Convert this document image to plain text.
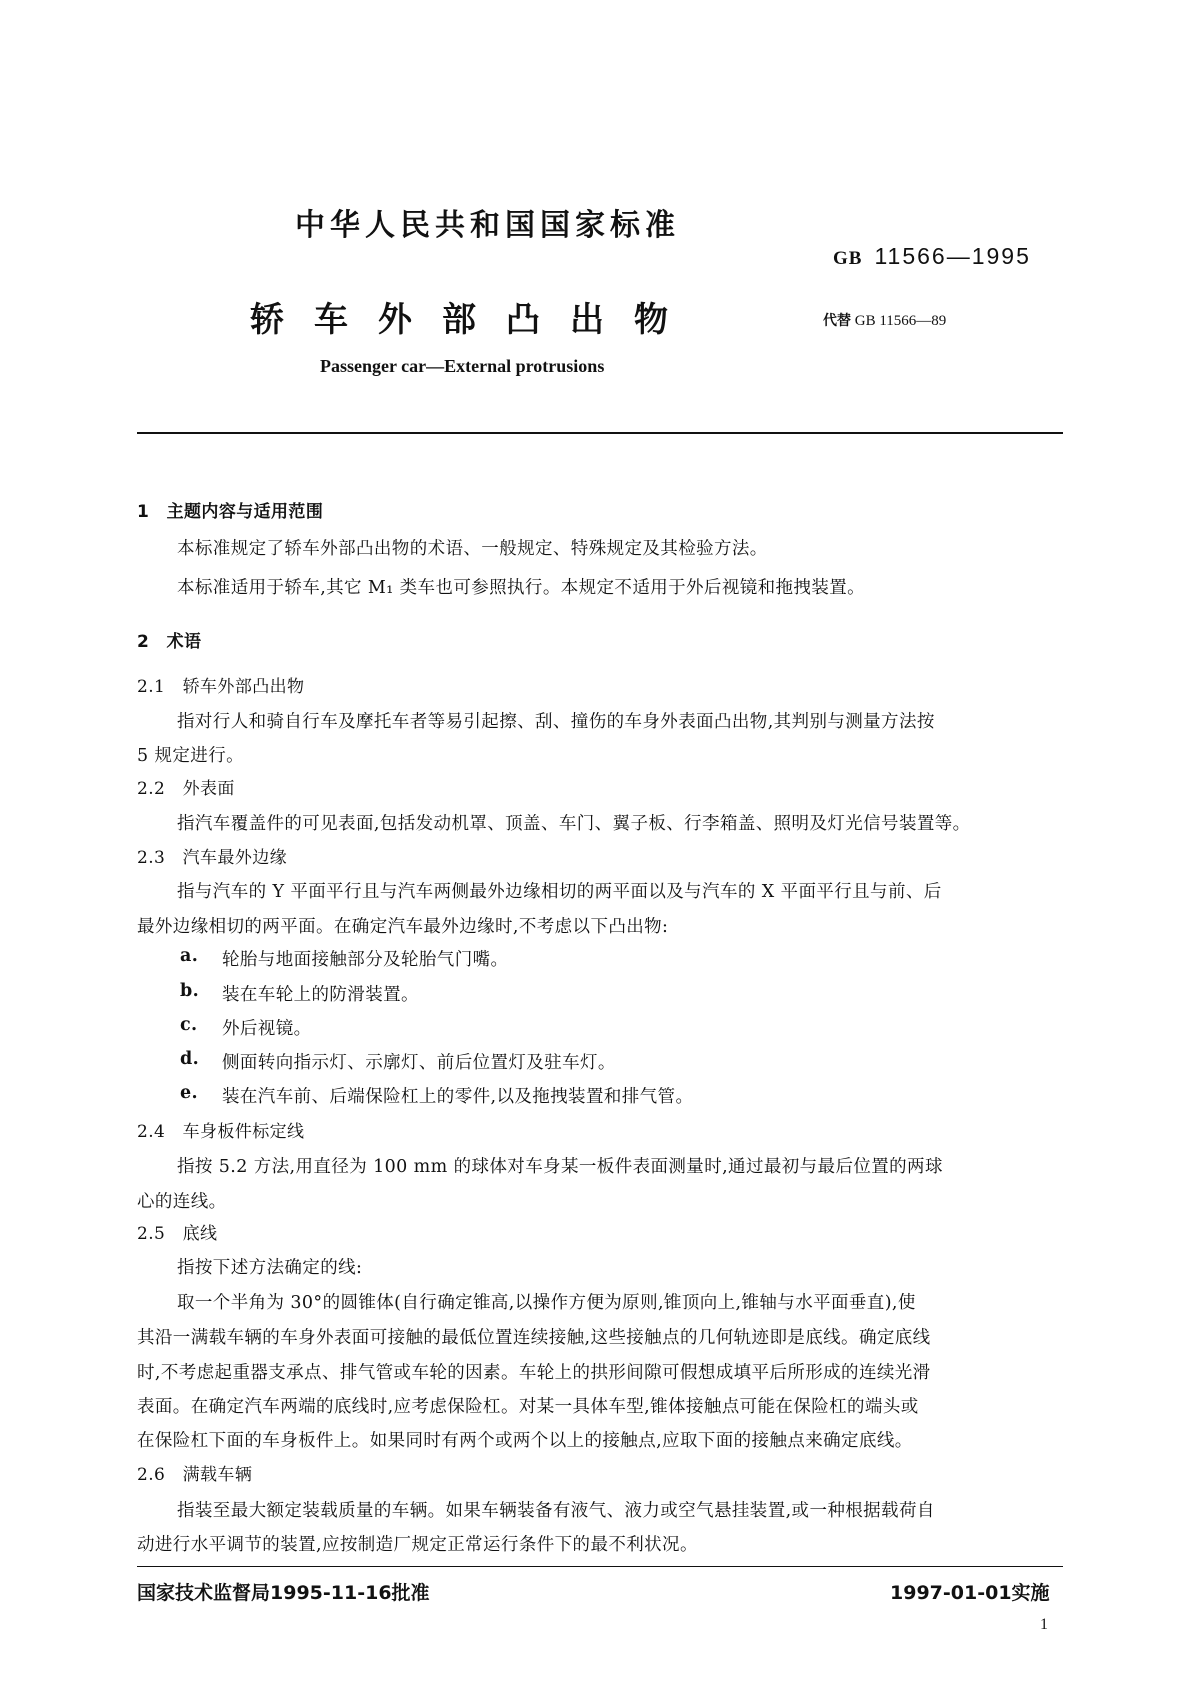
中华人民共和国国家标准
GB 11566—1995
轿 车 外 部 凸 出 物	代替 GB 11566—89
Passenger car—External protrusions
1　主题内容与适用范围
本标准规定了轿车外部凸出物的术语、一般规定、特殊规定及其检验方法。
本标准适用于轿车,其它 M₁ 类车也可参照执行。本规定不适用于外后视镜和拖拽装置。
2　术语
2.1　轿车外部凸出物
指对行人和骑自行车及摩托车者等易引起擦、刮、撞伤的车身外表面凸出物,其判别与测量方法按
5 规定进行。
2.2　外表面
指汽车覆盖件的可见表面,包括发动机罩、顶盖、车门、翼子板、行李箱盖、照明及灯光信号装置等。
2.3　汽车最外边缘
指与汽车的 Y 平面平行且与汽车两侧最外边缘相切的两平面以及与汽车的 X 平面平行且与前、后
最外边缘相切的两平面。在确定汽车最外边缘时,不考虑以下凸出物:
a. 轮胎与地面接触部分及轮胎气门嘴。
b. 装在车轮上的防滑装置。
c. 外后视镜。
d. 侧面转向指示灯、示廓灯、前后位置灯及驻车灯。
e. 装在汽车前、后端保险杠上的零件,以及拖拽装置和排气管。
2.4　车身板件标定线
指按 5.2 方法,用直径为 100 mm 的球体对车身某一板件表面测量时,通过最初与最后位置的两球
心的连线。
2.5　底线
指按下述方法确定的线:
取一个半角为 30°的圆锥体(自行确定锥高,以操作方便为原则,锥顶向上,锥轴与水平面垂直),使
其沿一满载车辆的车身外表面可接触的最低位置连续接触,这些接触点的几何轨迹即是底线。确定底线
时,不考虑起重器支承点、排气管或车轮的因素。车轮上的拱形间隙可假想成填平后所形成的连续光滑
表面。在确定汽车两端的底线时,应考虑保险杠。对某一具体车型,锥体接触点可能在保险杠的端头或
在保险杠下面的车身板件上。如果同时有两个或两个以上的接触点,应取下面的接触点来确定底线。
2.6　满载车辆
指装至最大额定装载质量的车辆。如果车辆装备有液气、液力或空气悬挂装置,或一种根据载荷自
动进行水平调节的装置,应按制造厂规定正常运行条件下的最不利状况。
国家技术监督局1995-11-16批准	1997-01-01实施
1
